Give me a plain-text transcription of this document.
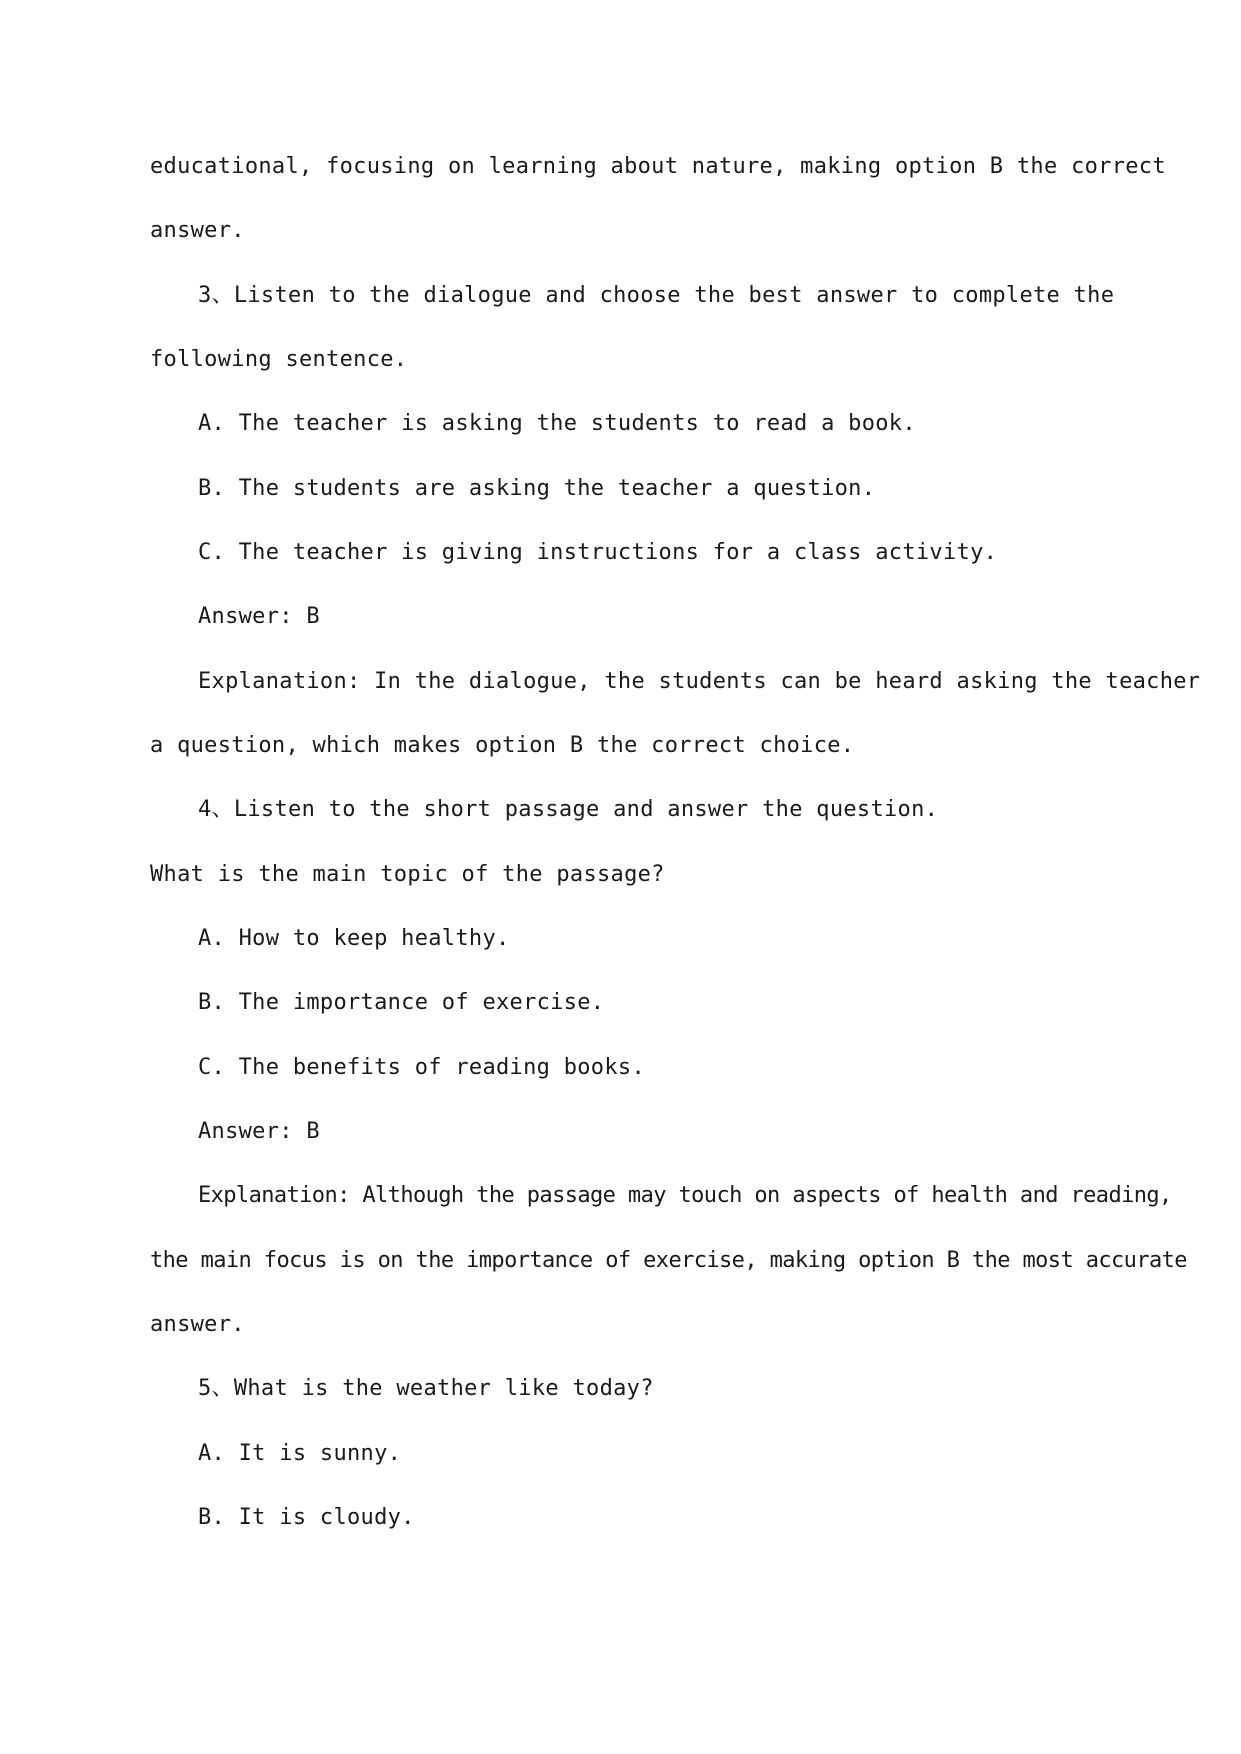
educational, focusing on learning about nature, making option B the correct
answer.
3、Listen to the dialogue and choose the best answer to complete the
following sentence.
A. The teacher is asking the students to read a book.
B. The students are asking the teacher a question.
C. The teacher is giving instructions for a class activity.
Answer: B
Explanation: In the dialogue, the students can be heard asking the teacher
a question, which makes option B the correct choice.
4、Listen to the short passage and answer the question.
What is the main topic of the passage?
A. How to keep healthy.
B. The importance of exercise.
C. The benefits of reading books.
Answer: B
Explanation: Although the passage may touch on aspects of health and reading,
the main focus is on the importance of exercise, making option B the most accurate
answer.
5、What is the weather like today?
A. It is sunny.
B. It is cloudy.
